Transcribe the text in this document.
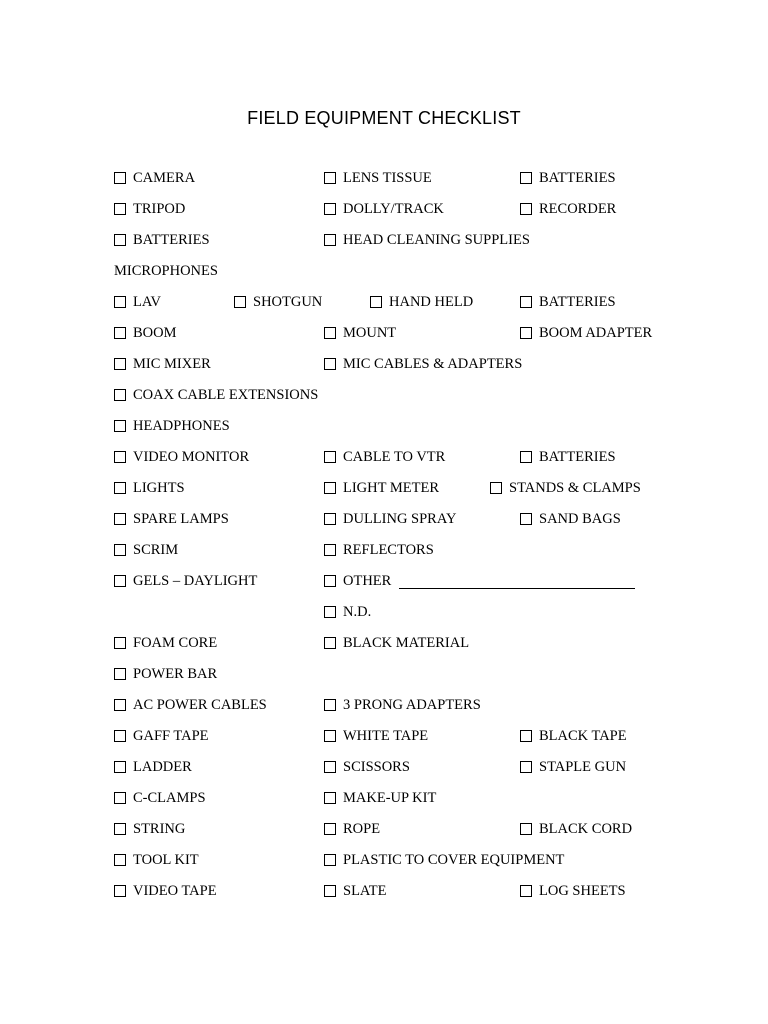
FIELD EQUIPMENT CHECKLIST
CAMERA	LENS TISSUE	BATTERIES
TRIPOD	DOLLY/TRACK	RECORDER
BATTERIES	HEAD CLEANING SUPPLIES
MICROPHONES
LAV	SHOTGUN	HAND HELD	BATTERIES
BOOM	MOUNT	BOOM ADAPTER
MIC MIXER	MIC CABLES & ADAPTERS
COAX CABLE EXTENSIONS
HEADPHONES
VIDEO MONITOR	CABLE TO VTR	BATTERIES
LIGHTS	LIGHT METER	STANDS & CLAMPS
SPARE LAMPS	DULLING SPRAY	SAND BAGS
SCRIM	REFLECTORS
GELS – DAYLIGHT	OTHER
N.D.
FOAM CORE	BLACK MATERIAL
POWER BAR
AC POWER CABLES	3 PRONG ADAPTERS
GAFF TAPE	WHITE TAPE	BLACK TAPE
LADDER	SCISSORS	STAPLE GUN
C-CLAMPS	MAKE-UP KIT
STRING	ROPE	BLACK CORD
TOOL KIT	PLASTIC TO COVER EQUIPMENT
VIDEO TAPE	SLATE	LOG SHEETS
